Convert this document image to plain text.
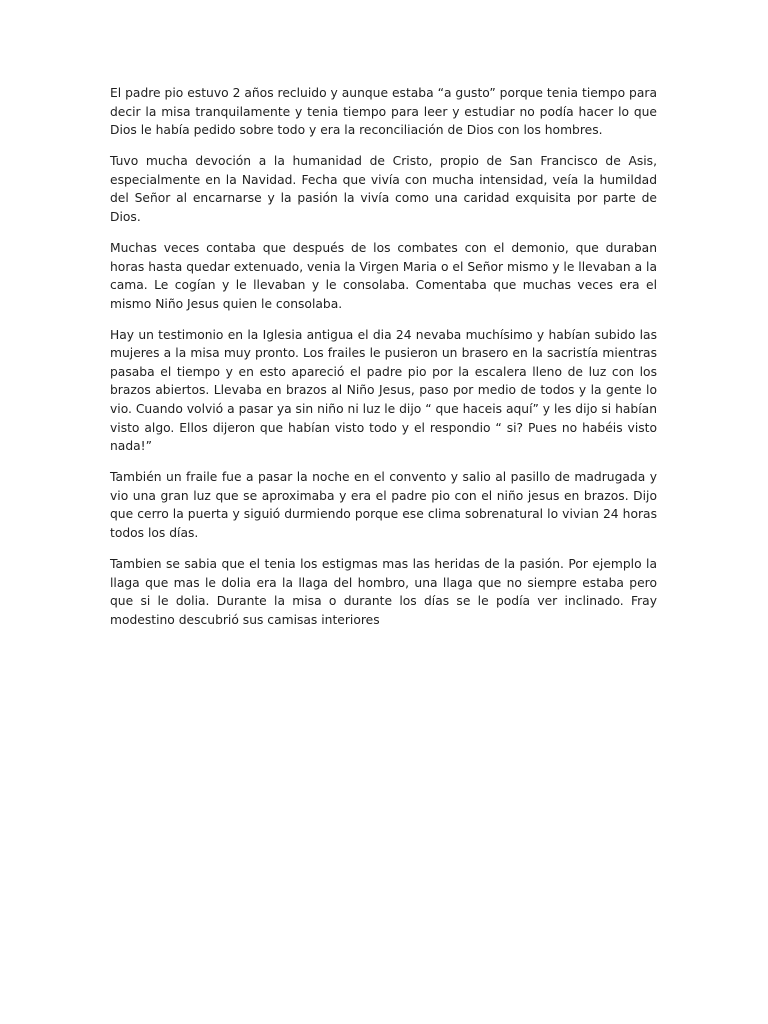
El padre pio estuvo 2 años recluido y aunque estaba “a gusto” porque tenia tiempo para decir la misa tranquilamente y tenia tiempo para leer y estudiar no podía hacer lo que Dios le había pedido sobre todo y era la reconciliación de Dios con los hombres.

Tuvo mucha devoción a la humanidad de Cristo, propio de San Francisco de Asis, especialmente en la Navidad. Fecha que vivía con mucha intensidad, veía la humildad del Señor al encarnarse y la pasión la vivía como una caridad exquisita por parte de Dios.

Muchas veces contaba que después de los combates con el demonio, que duraban horas hasta quedar extenuado, venia la Virgen Maria o el Señor mismo y le llevaban a la cama. Le cogían y le llevaban y le consolaba. Comentaba que muchas veces era el mismo Niño Jesus quien le consolaba.

Hay un testimonio en la Iglesia antigua el dia 24 nevaba muchísimo y habían subido las mujeres a la misa muy pronto. Los frailes le pusieron un brasero en la sacristía mientras pasaba el tiempo y en esto apareció el padre pio por la escalera lleno de luz con los brazos abiertos. Llevaba en brazos al Niño Jesus, paso por medio de todos y la gente lo vio. Cuando volvió a pasar ya sin niño ni luz le dijo “ que haceis aquí” y les dijo si habían visto algo. Ellos dijeron que habían visto todo y el respondio “ si? Pues no habéis visto nada!”

También un fraile fue a pasar la noche en el convento y salio al pasillo de madrugada y vio una gran luz que se aproximaba y era el padre pio con el niño jesus en brazos. Dijo que cerro la puerta y siguió durmiendo porque ese clima sobrenatural lo vivian 24 horas todos los días.

Tambien se sabia que el tenia los estigmas mas las heridas de la pasión. Por ejemplo la llaga que mas le dolia era la llaga del hombro, una llaga que no siempre estaba pero que si le dolia. Durante la misa o durante los días se le podía ver inclinado. Fray modestino descubrió sus camisas interiores
